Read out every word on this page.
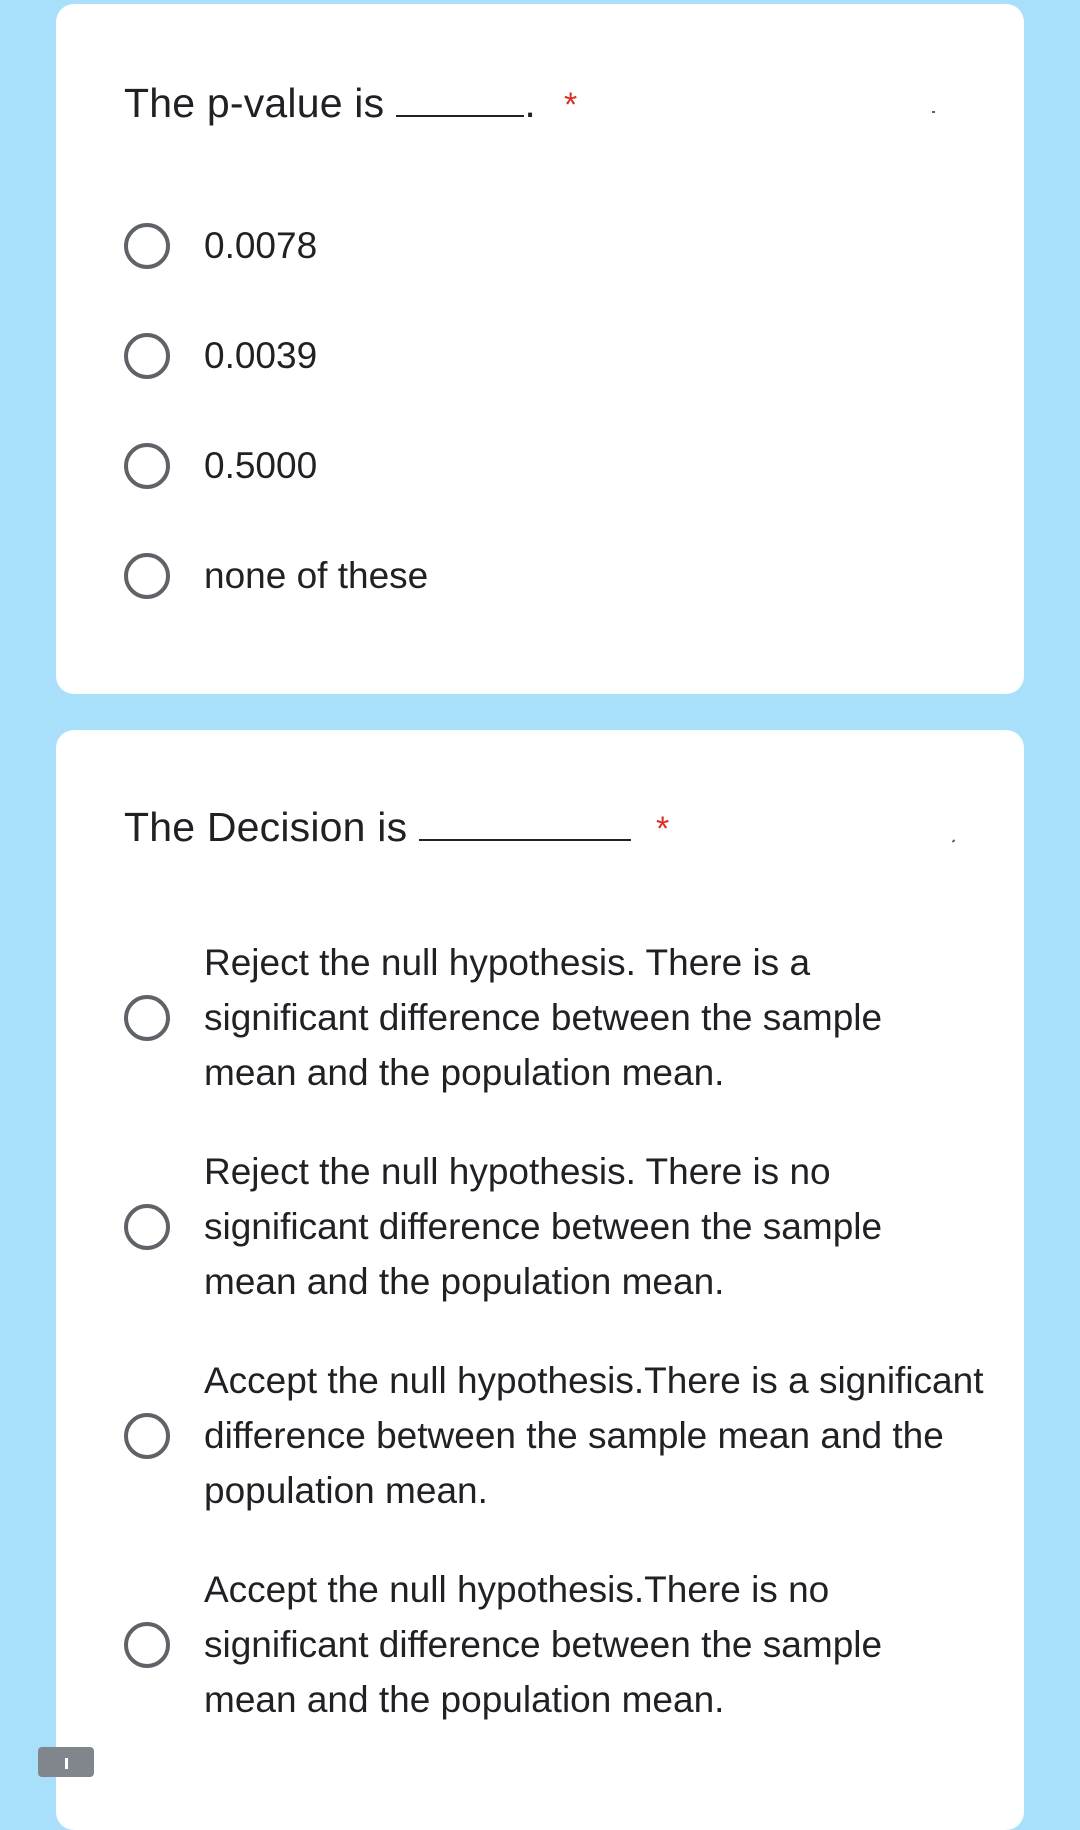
The p-value is	. *
0.0078
0.0039
0.5000
none of these
The Decision is	*
Reject the null hypothesis. There is a significant difference between the sample mean and the population mean.
Reject the null hypothesis. There is no significant difference between the sample mean and the population mean.
Accept the null hypothesis.There is a significant difference between the sample mean and the population mean.
Accept the null hypothesis.There is no significant difference between the sample mean and the population mean.
